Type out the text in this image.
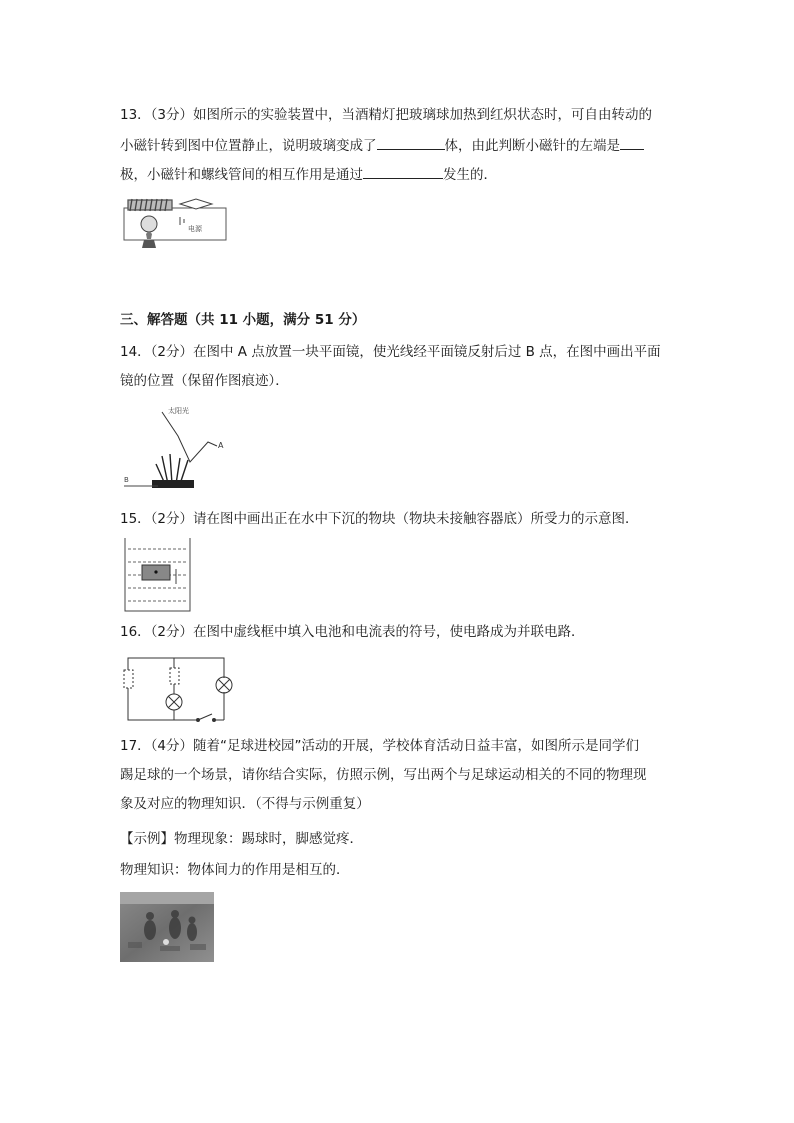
13．（3分）如图所示的实验装置中，当酒精灯把玻璃球加热到红炽状态时，可自由转动的
小磁针转到图中位置静止，说明玻璃变成了	体，由此判断小磁针的左端是
极，小磁针和螺线管间的相互作用是通过	发生的．
电源
三、解答题（共 11 小题，满分 51 分）
14．（2分）在图中 A 点放置一块平面镜，使光线经平面镜反射后过 B 点，在图中画出平面
镜的位置（保留作图痕迹）．
太阳光
A
B
15．（2分）请在图中画出正在水中下沉的物块（物块未接触容器底）所受力的示意图．
16．（2分）在图中虚线框中填入电池和电流表的符号，使电路成为并联电路．
17．（4分）随着“足球进校园”活动的开展，学校体育活动日益丰富，如图所示是同学们
踢足球的一个场景，请你结合实际，仿照示例，写出两个与足球运动相关的不同的物理现
象及对应的物理知识．（不得与示例重复）
【示例】物理现象：踢球时，脚感觉疼．
物理知识：物体间力的作用是相互的．
